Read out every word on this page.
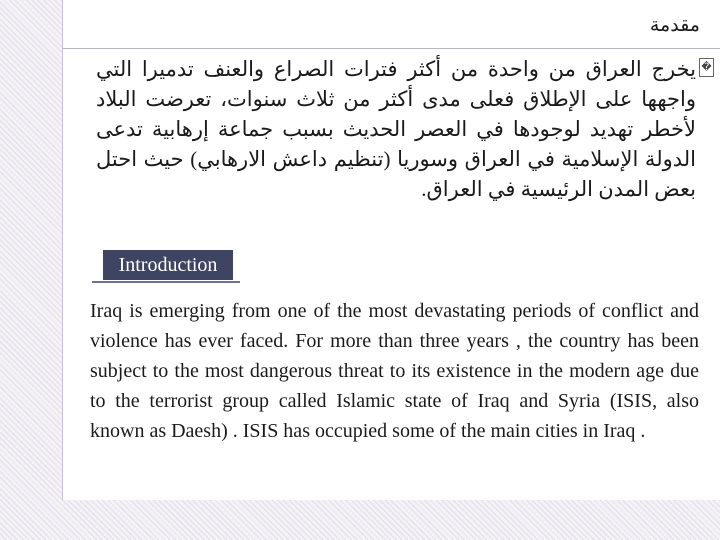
مقدمة
�
يخرج العراق من واحدة من أكثر فترات الصراع والعنف تدميرا التي واجهها على الإطلاق فعلى مدى أكثر من ثلاث سنوات، تعرضت البلاد لأخطر تهديد لوجودها في العصر الحديث بسبب جماعة إرهابية تدعى الدولة الإسلامية في العراق وسوريا (تنظيم داعش الارهابي) حيث احتل بعض المدن الرئيسية في العراق.
Introduction
Iraq is emerging from one of the most devastating periods of conflict and violence has ever faced. For more than three years , the country has been subject to the most dangerous threat to its existence in the modern age due to the terrorist group called Islamic state of Iraq and Syria (ISIS, also known as Daesh) . ISIS has occupied some of the main cities in Iraq .
